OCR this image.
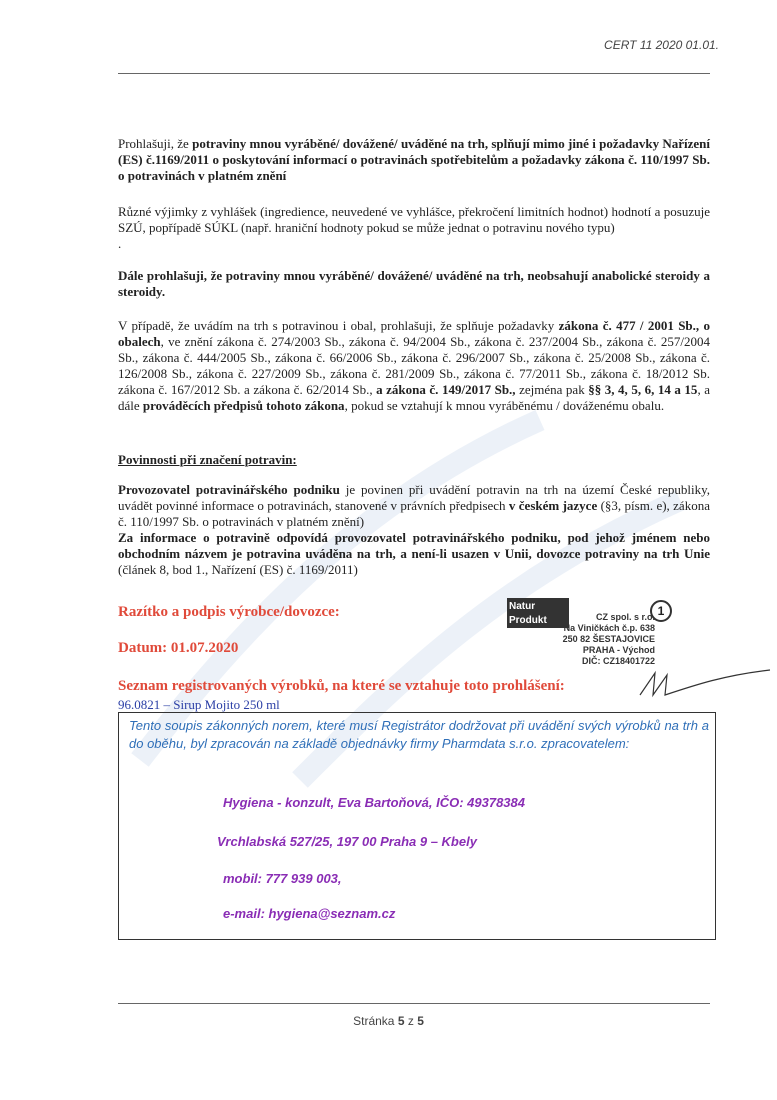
CERT 11 2020 01.01.

Prohlašuji, že potraviny mnou vyráběné/ dovážené/ uváděné na trh, splňují mimo jiné i požadavky Nařízení (ES) č.1169/2011 o poskytování informací o potravinách spotřebitelům a požadavky zákona č. 110/1997 Sb. o potravinách v platném znění

Různé výjimky z vyhlášek (ingredience, neuvedené ve vyhlášce, překročení limitních hodnot) hodnotí a posuzuje SZÚ, popřípadě SÚKL (např. hraniční hodnoty pokud se může jednat o potravinu nového typu)

.

Dále prohlašuji, že potraviny mnou vyráběné/ dovážené/ uváděné na trh, neobsahují anabolické steroidy a steroidy.

V případě, že uvádím na trh s potravinou i obal, prohlašuji, že splňuje požadavky zákona č. 477 / 2001 Sb., o obalech, ve znění zákona č. 274/2003 Sb., zákona č. 94/2004 Sb., zákona č. 237/2004 Sb., zákona č. 257/2004 Sb., zákona č. 444/2005 Sb., zákona č. 66/2006 Sb., zákona č. 296/2007 Sb., zákona č. 25/2008 Sb., zákona č. 126/2008 Sb., zákona č. 227/2009 Sb., zákona č. 281/2009 Sb., zákona č. 77/2011 Sb., zákona č. 18/2012 Sb. zákona č. 167/2012 Sb. a zákona č. 62/2014 Sb., a zákona č. 149/2017 Sb., zejména pak §§ 3, 4, 5, 6, 14 a 15, a dále prováděcích předpisů tohoto zákona, pokud se vztahují k mnou vyráběnému / dováženému obalu.

Povinnosti při značení potravin:

Provozovatel potravinářského podniku je povinen při uvádění potravin na trh na území České republiky, uvádět povinné informace o potravinách, stanovené v právních předpisech v českém jazyce (§3, písm. e), zákona č. 110/1997 Sb. o potravinách v platném znění)

Za informace o potravině odpovídá provozovatel potravinářského podniku, pod jehož jménem nebo obchodním názvem je potravina uváděna na trh, a není-li usazen v Unii, dovozce potraviny na trh Unie (článek 8, bod 1., Nařízení (ES) č. 1169/2011)

Razítko a podpis výrobce/dovozce:
Datum: 01.07.2020
Seznam registrovaných výrobků, na které se vztahuje toto prohlášení:
96.0821 – Sirup Mojito 250 ml
Natur Produkt	CZ spol. s r.o.
Na Viničkách č.p. 638
250 82 ŠESTAJOVICE
PRAHA - Východ
DIČ: CZ18401722
1
Tento soupis zákonných norem, které musí Registrátor dodržovat při uvádění svých výrobků na trh a do oběhu, byl zpracován na základě objednávky firmy Pharmdata s.r.o. zpracovatelem:
Hygiena - konzult, Eva Bartoňová, IČO: 49378384
Vrchlabská 527/25, 197 00 Praha 9 – Kbely
mobil: 777 939 003,
e-mail: hygiena@seznam.cz
Stránka 5 z 5
